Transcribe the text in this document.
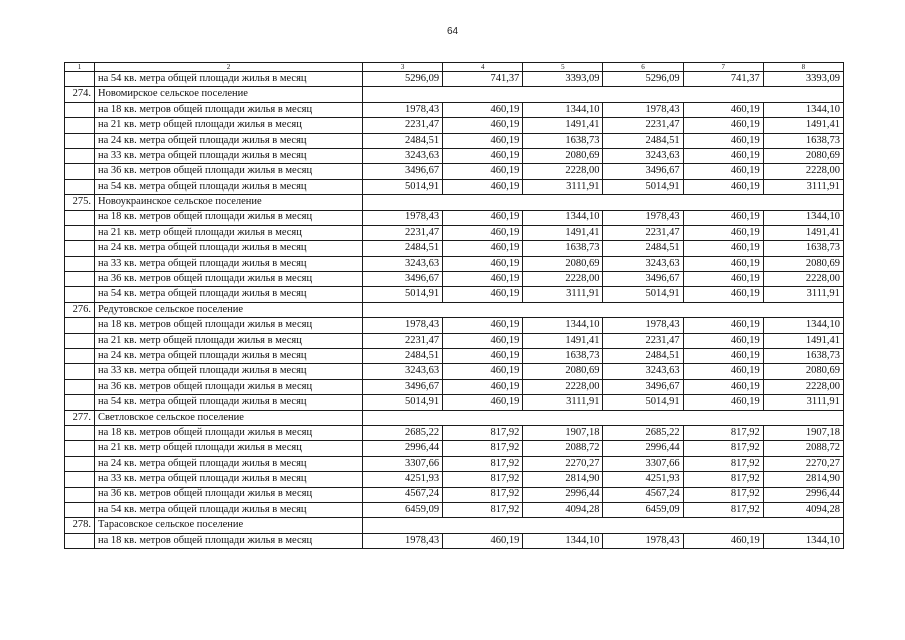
64
1	2	3	4	5	6	7	8
	на 54 кв. метра общей площади жилья в месяц	5296,09	741,37	3393,09	5296,09	741,37	3393,09
274.	Новомирское сельское поселение						
	на 18 кв. метров общей площади жилья в месяц	1978,43	460,19	1344,10	1978,43	460,19	1344,10
	на 21 кв. метр общей площади жилья в месяц	2231,47	460,19	1491,41	2231,47	460,19	1491,41
	на 24 кв. метра общей площади жилья в месяц	2484,51	460,19	1638,73	2484,51	460,19	1638,73
	на 33 кв. метра общей площади жилья в месяц	3243,63	460,19	2080,69	3243,63	460,19	2080,69
	на 36 кв. метров общей площади жилья в месяц	3496,67	460,19	2228,00	3496,67	460,19	2228,00
	на 54 кв. метра общей площади жилья в месяц	5014,91	460,19	3111,91	5014,91	460,19	3111,91
275.	Новоукраинское сельское поселение						
	на 18 кв. метров общей площади жилья в месяц	1978,43	460,19	1344,10	1978,43	460,19	1344,10
	на 21 кв. метр общей площади жилья в месяц	2231,47	460,19	1491,41	2231,47	460,19	1491,41
	на 24 кв. метра общей площади жилья в месяц	2484,51	460,19	1638,73	2484,51	460,19	1638,73
	на 33 кв. метра общей площади жилья в месяц	3243,63	460,19	2080,69	3243,63	460,19	2080,69
	на 36 кв. метров общей площади жилья в месяц	3496,67	460,19	2228,00	3496,67	460,19	2228,00
	на 54 кв. метра общей площади жилья в месяц	5014,91	460,19	3111,91	5014,91	460,19	3111,91
276.	Редутовское сельское поселение						
	на 18 кв. метров общей площади жилья в месяц	1978,43	460,19	1344,10	1978,43	460,19	1344,10
	на 21 кв. метр общей площади жилья в месяц	2231,47	460,19	1491,41	2231,47	460,19	1491,41
	на 24 кв. метра общей площади жилья в месяц	2484,51	460,19	1638,73	2484,51	460,19	1638,73
	на 33 кв. метра общей площади жилья в месяц	3243,63	460,19	2080,69	3243,63	460,19	2080,69
	на 36 кв. метров общей площади жилья в месяц	3496,67	460,19	2228,00	3496,67	460,19	2228,00
	на 54 кв. метра общей площади жилья в месяц	5014,91	460,19	3111,91	5014,91	460,19	3111,91
277.	Светловское сельское поселение						
	на 18 кв. метров общей площади жилья в месяц	2685,22	817,92	1907,18	2685,22	817,92	1907,18
	на 21 кв. метр общей площади жилья в месяц	2996,44	817,92	2088,72	2996,44	817,92	2088,72
	на 24 кв. метра общей площади жилья в месяц	3307,66	817,92	2270,27	3307,66	817,92	2270,27
	на 33 кв. метра общей площади жилья в месяц	4251,93	817,92	2814,90	4251,93	817,92	2814,90
	на 36 кв. метров общей площади жилья в месяц	4567,24	817,92	2996,44	4567,24	817,92	2996,44
	на 54 кв. метра общей площади жилья в месяц	6459,09	817,92	4094,28	6459,09	817,92	4094,28
278.	Тарасовское сельское поселение						
	на 18 кв. метров общей площади жилья в месяц	1978,43	460,19	1344,10	1978,43	460,19	1344,10
